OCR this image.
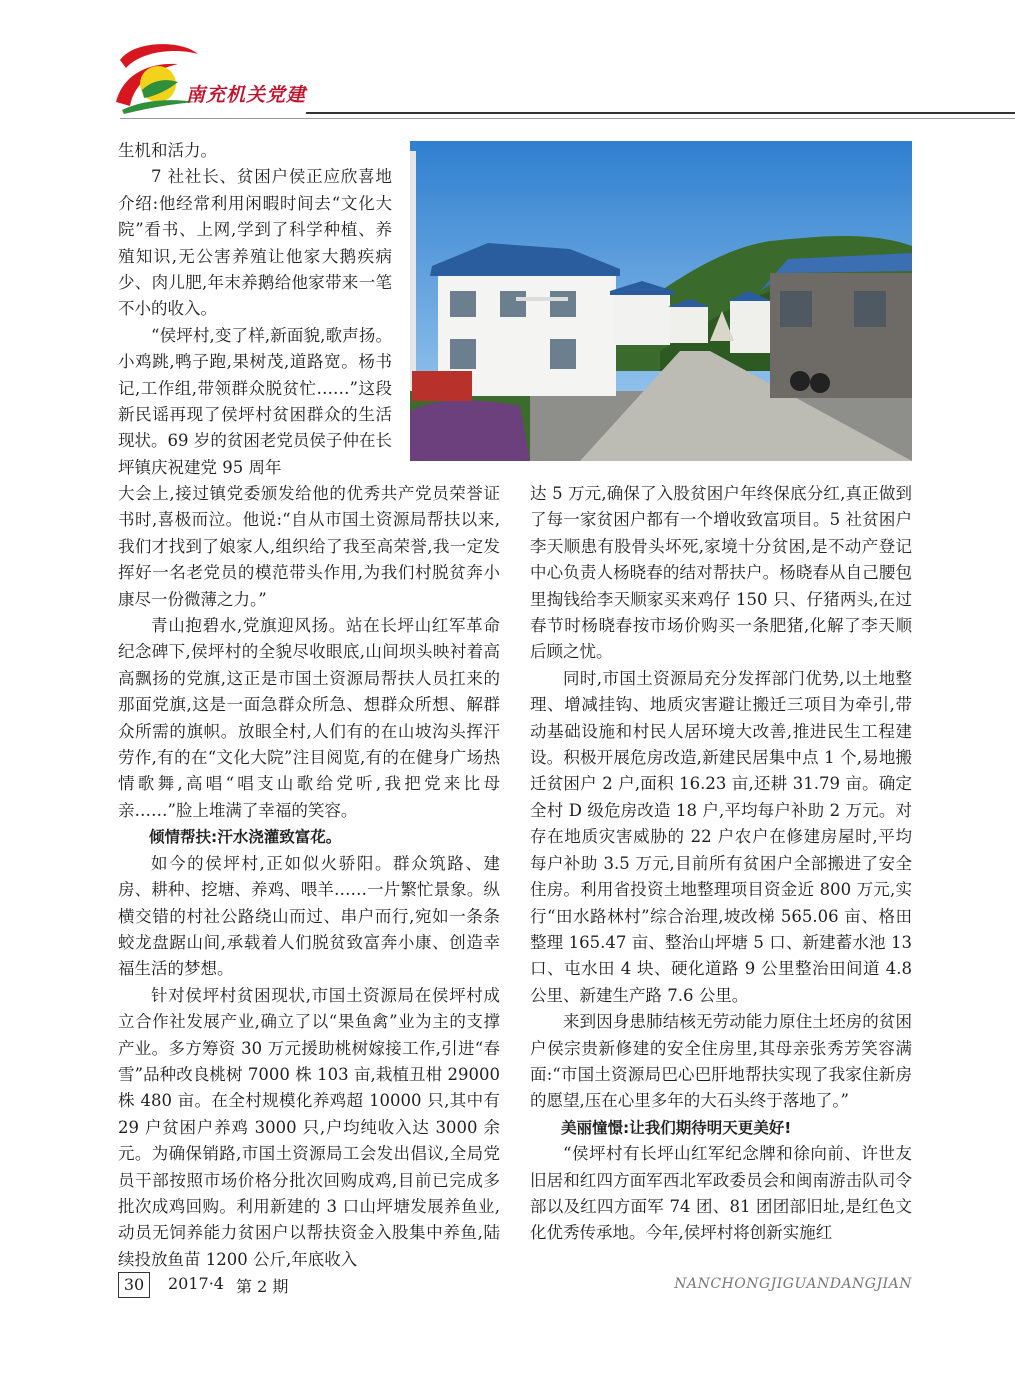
南充机关党建

生机和活力。

7 社社长、贫困户侯正应欣喜地介绍:他经常利用闲暇时间去“文化大院”看书、上网,学到了科学种植、养殖知识,无公害养殖让他家大鹅疾病少、肉儿肥,年末养鹅给他家带来一笔不小的收入。

“侯坪村,变了样,新面貌,歌声扬。小鸡跳,鸭子跑,果树茂,道路宽。杨书记,工作组,带领群众脱贫忙……”这段新民谣再现了侯坪村贫困群众的生活现状。69 岁的贫困老党员侯子仲在长坪镇庆祝建党 95 周年

大会上,接过镇党委颁发给他的优秀共产党员荣誉证书时,喜极而泣。他说:“自从市国土资源局帮扶以来,我们才找到了娘家人,组织给了我至高荣誉,我一定发挥好一名老党员的模范带头作用,为我们村脱贫奔小康尽一份微薄之力。”

青山抱碧水,党旗迎风扬。站在长坪山红军革命纪念碑下,侯坪村的全貌尽收眼底,山间坝头映衬着高高飘扬的党旗,这正是市国土资源局帮扶人员扛来的那面党旗,这是一面急群众所急、想群众所想、解群众所需的旗帜。放眼全村,人们有的在山坡沟头挥汗劳作,有的在“文化大院”注目阅览,有的在健身广场热情歌舞,高唱“唱支山歌给党听,我把党来比母亲……”脸上堆满了幸福的笑容。

倾情帮扶:汗水浇灌致富花。

如今的侯坪村,正如似火骄阳。群众筑路、建房、耕种、挖塘、养鸡、喂羊……一片繁忙景象。纵横交错的村社公路绕山而过、串户而行,宛如一条条蛟龙盘踞山间,承载着人们脱贫致富奔小康、创造幸福生活的梦想。

针对侯坪村贫困现状,市国土资源局在侯坪村成立合作社发展产业,确立了以“果鱼禽”业为主的支撑产业。多方筹资 30 万元援助桃树嫁接工作,引进“春雪”品种改良桃树 7000 株 103 亩,栽植丑柑 29000 株 480 亩。在全村规模化养鸡超 10000 只,其中有 29 户贫困户养鸡 3000 只,户均纯收入达 3000 余元。为确保销路,市国土资源局工会发出倡议,全局党员干部按照市场价格分批次回购成鸡,目前已完成多批次成鸡回购。利用新建的 3 口山坪塘发展养鱼业,动员无饲养能力贫困户以帮扶资金入股集中养鱼,陆续投放鱼苗 1200 公斤,年底收入

达 5 万元,确保了入股贫困户年终保底分红,真正做到了每一家贫困户都有一个增收致富项目。5 社贫困户李天顺患有股骨头坏死,家境十分贫困,是不动产登记中心负责人杨晓春的结对帮扶户。杨晓春从自己腰包里掏钱给李天顺家买来鸡仔 150 只、仔猪两头,在过春节时杨晓春按市场价购买一条肥猪,化解了李天顺后顾之忧。

同时,市国土资源局充分发挥部门优势,以土地整理、增减挂钩、地质灾害避让搬迁三项目为牵引,带动基础设施和村民人居环境大改善,推进民生工程建设。积极开展危房改造,新建民居集中点 1 个,易地搬迁贫困户 2 户,面积 16.23 亩,还耕 31.79 亩。确定全村 D 级危房改造 18 户,平均每户补助 2 万元。对存在地质灾害威胁的 22 户农户在修建房屋时,平均每户补助 3.5 万元,目前所有贫困户全部搬进了安全住房。利用省投资土地整理项目资金近 800 万元,实行“田水路林村”综合治理,坡改梯 565.06 亩、格田整理 165.47 亩、整治山坪塘 5 口、新建蓄水池 13 口、屯水田 4 块、硬化道路 9 公里整治田间道 4.8 公里、新建生产路 7.6 公里。

来到因身患肺结核无劳动能力原住土坯房的贫困户侯宗贵新修建的安全住房里,其母亲张秀芳笑容满面:“市国土资源局巴心巴肝地帮扶实现了我家住新房的愿望,压在心里多年的大石头终于落地了。”

美丽憧憬:让我们期待明天更美好!

“侯坪村有长坪山红军纪念牌和徐向前、许世友旧居和红四方面军西北军政委员会和闽南游击队司令部以及红四方面军 74 团、81 团团部旧址,是红色文化优秀传承地。今年,侯坪村将创新实施红

30	2017·4 第 2 期	NANCHONGJIGUANDANGJIAN
